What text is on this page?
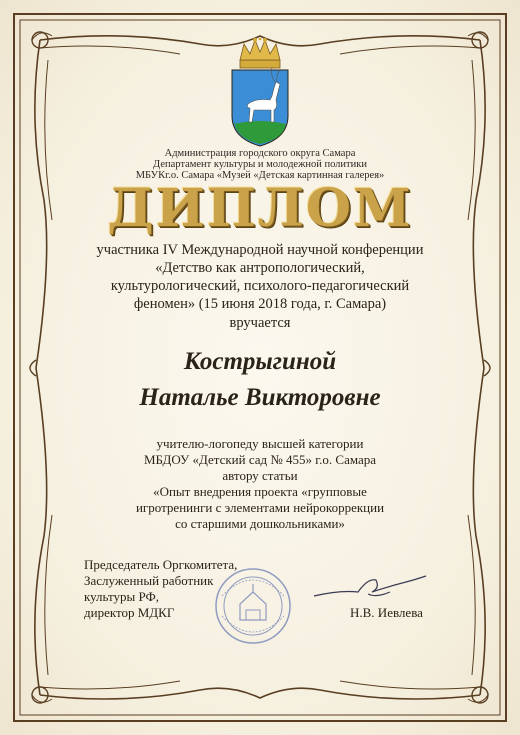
Администрация городского округа Самара
Департамент культуры и молодежной политики
МБУКг.о. Самара «Музей «Детская картинная галерея»
ДИПЛОМ
участника IV Международной научной конференции
«Детство как антропологический,
культурологический, психолого-педагогический
феномен» (15 июня 2018 года, г. Самара)
вручается
Кострыгиной
Наталье Викторовне
учителю-логопеду высшей категории
МБДОУ «Детский сад № 455» г.о. Самара
автору статьи
«Опыт внедрения проекта «групповые
игротренинги с элементами нейрокоррекции
со старшими дошкольниками»
Председатель Оргкомитета,
Заслуженный работник
культуры РФ,
директор МДКГ	Н.В. Иевлева
